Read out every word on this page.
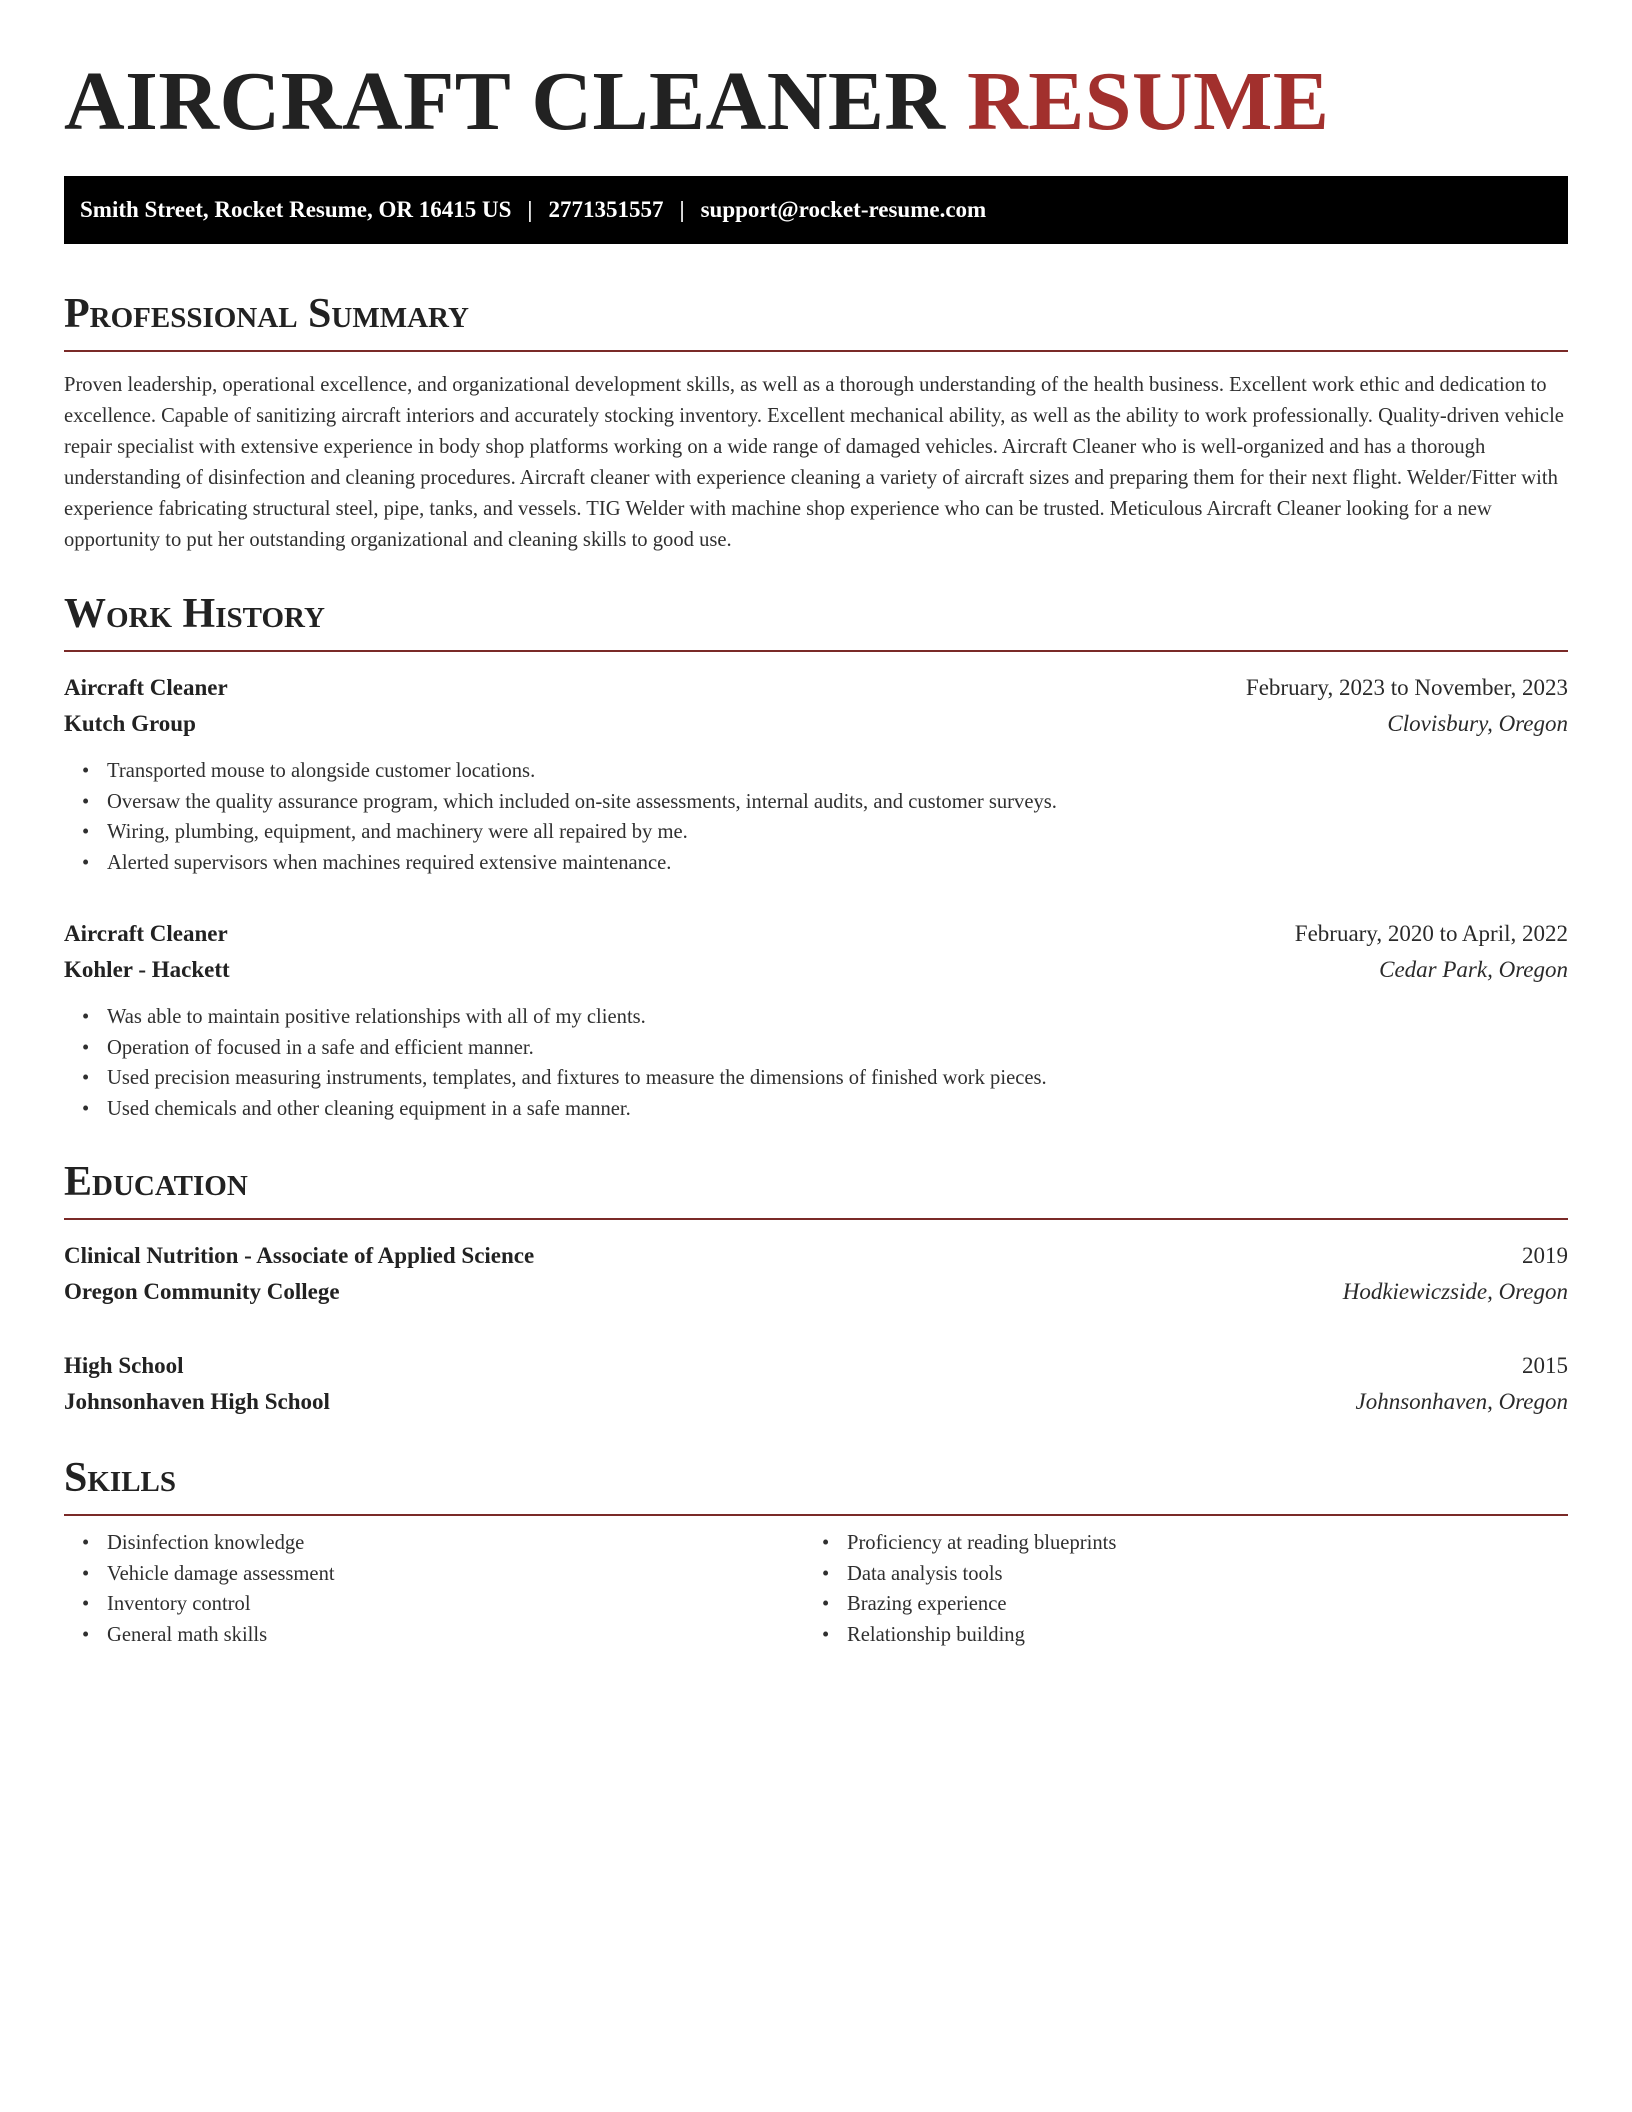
AIRCRAFT CLEANER RESUME
Smith Street, Rocket Resume, OR 16415 US | 2771351557 | support@rocket-resume.com
Professional Summary

Proven leadership, operational excellence, and organizational development skills, as well as a thorough understanding of the health business. Excellent work ethic and dedication to excellence. Capable of sanitizing aircraft interiors and accurately stocking inventory. Excellent mechanical ability, as well as the ability to work professionally. Quality-driven vehicle repair specialist with extensive experience in body shop platforms working on a wide range of damaged vehicles. Aircraft Cleaner who is well-organized and has a thorough understanding of disinfection and cleaning procedures. Aircraft cleaner with experience cleaning a variety of aircraft sizes and preparing them for their next flight. Welder/Fitter with experience fabricating structural steel, pipe, tanks, and vessels. TIG Welder with machine shop experience who can be trusted. Meticulous Aircraft Cleaner looking for a new opportunity to put her outstanding organizational and cleaning skills to good use.

Work History
Aircraft Cleaner	February, 2023 to November, 2023
Kutch Group	Clovisbury, Oregon
• Transported mouse to alongside customer locations.
• Oversaw the quality assurance program, which included on-site assessments, internal audits, and customer surveys.
• Wiring, plumbing, equipment, and machinery were all repaired by me.
• Alerted supervisors when machines required extensive maintenance.
Aircraft Cleaner	February, 2020 to April, 2022
Kohler - Hackett	Cedar Park, Oregon
• Was able to maintain positive relationships with all of my clients.
• Operation of focused in a safe and efficient manner.
• Used precision measuring instruments, templates, and fixtures to measure the dimensions of finished work pieces.
• Used chemicals and other cleaning equipment in a safe manner.
Education
Clinical Nutrition - Associate of Applied Science	2019
Oregon Community College	Hodkiewiczside, Oregon
High School	2015
Johnsonhaven High School	Johnsonhaven, Oregon
Skills
• Disinfection knowledge
• Vehicle damage assessment
• Inventory control
• General math skills
• Proficiency at reading blueprints
• Data analysis tools
• Brazing experience
• Relationship building
